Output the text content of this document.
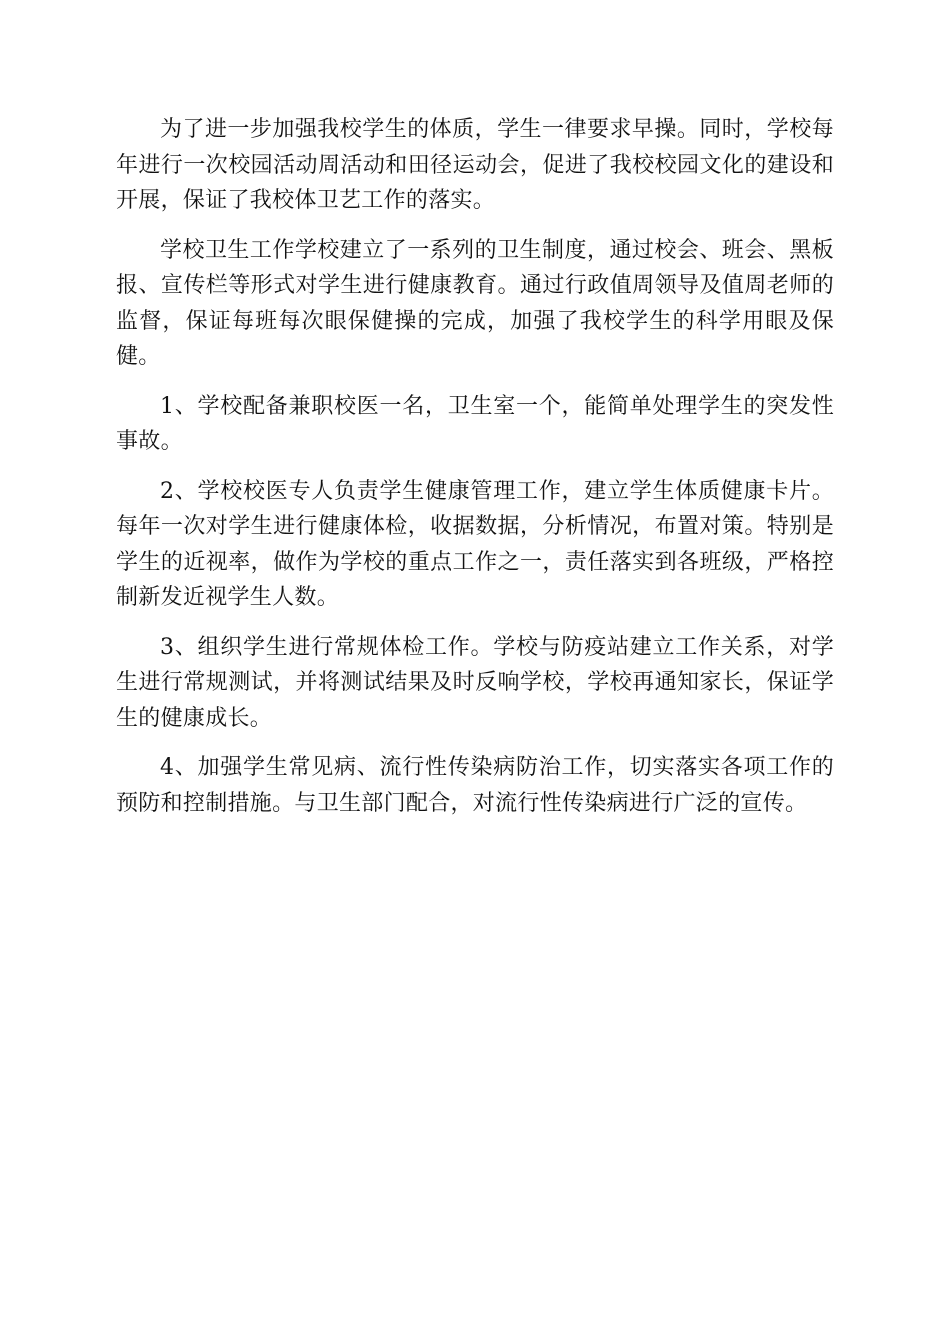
为了进一步加强我校学生的体质，学生一律要求早操。同时，学校每年进行一次校园活动周活动和田径运动会，促进了我校校园文化的建设和开展，保证了我校体卫艺工作的落实。

学校卫生工作学校建立了一系列的卫生制度，通过校会、班会、黑板报、宣传栏等形式对学生进行健康教育。通过行政值周领导及值周老师的监督，保证每班每次眼保健操的完成，加强了我校学生的科学用眼及保健。

1、学校配备兼职校医一名，卫生室一个，能简单处理学生的突发性事故。

2、学校校医专人负责学生健康管理工作，建立学生体质健康卡片。每年一次对学生进行健康体检，收据数据，分析情况，布置对策。特别是学生的近视率，做作为学校的重点工作之一，责任落实到各班级，严格控制新发近视学生人数。

3、组织学生进行常规体检工作。学校与防疫站建立工作关系，对学生进行常规测试，并将测试结果及时反响学校，学校再通知家长，保证学生的健康成长。

4、加强学生常见病、流行性传染病防治工作，切实落实各项工作的预防和控制措施。与卫生部门配合，对流行性传染病进行广泛的宣传。
